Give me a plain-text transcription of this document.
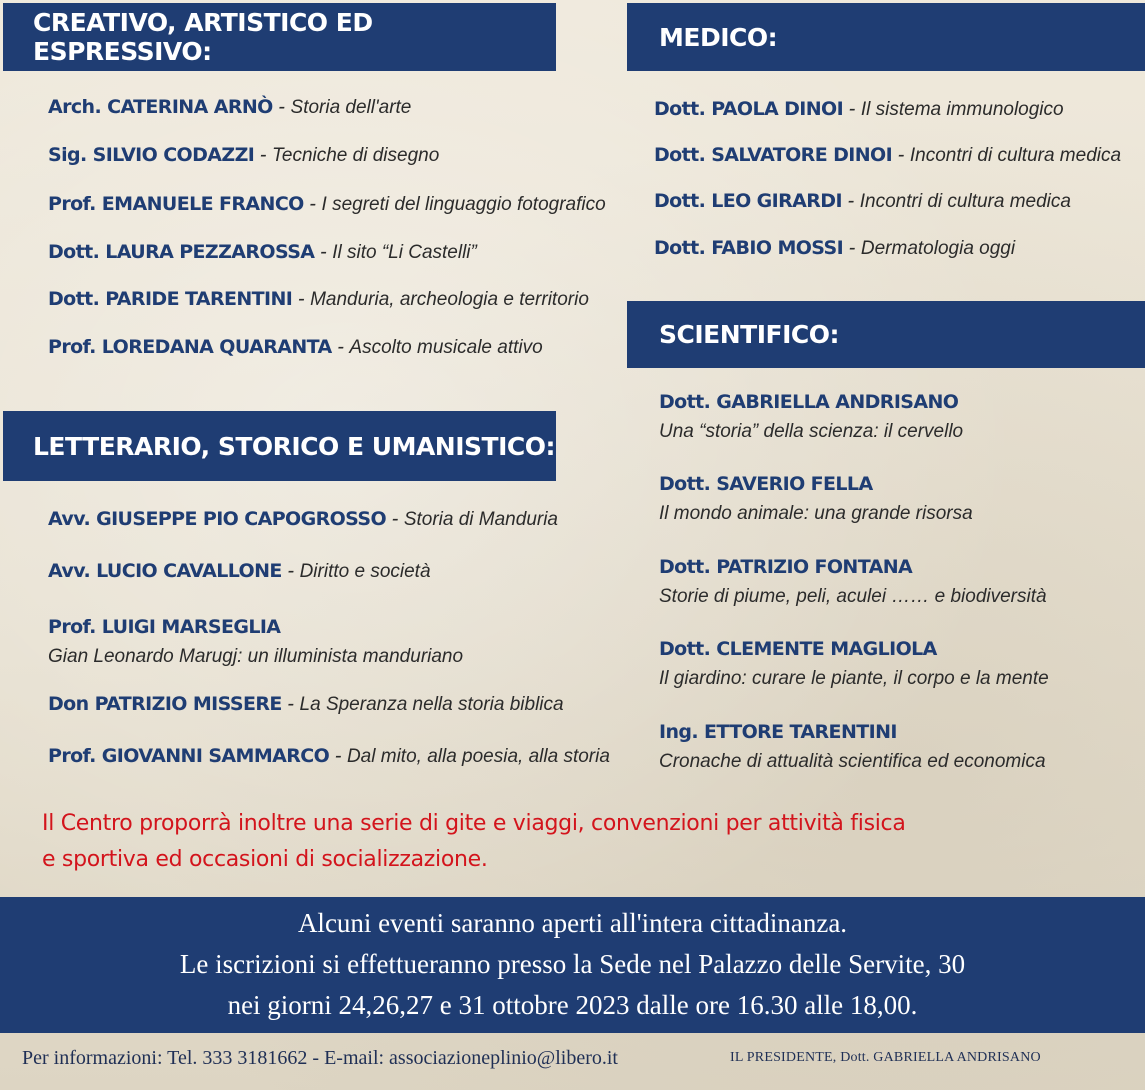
CREATIVO, ARTISTICO ED ESPRESSIVO:
LETTERARIO, STORICO E UMANISTICO:
MEDICO:
SCIENTIFICO:
Arch. CATERINA ARNÒ - Storia dell'arte
Sig. SILVIO CODAZZI - Tecniche di disegno
Prof. EMANUELE FRANCO - I segreti del linguaggio fotografico
Dott. LAURA PEZZAROSSA - Il sito “Li Castelli”
Dott. PARIDE TARENTINI - Manduria, archeologia e territorio
Prof. LOREDANA QUARANTA - Ascolto musicale attivo
Avv. GIUSEPPE PIO CAPOGROSSO - Storia di Manduria
Avv. LUCIO CAVALLONE - Diritto e società
Prof. LUIGI MARSEGLIA
Gian Leonardo Marugj: un illuminista manduriano
Don PATRIZIO MISSERE - La Speranza nella storia biblica
Prof. GIOVANNI SAMMARCO - Dal mito, alla poesia, alla storia
Dott. PAOLA DINOI - Il sistema immunologico
Dott. SALVATORE DINOI - Incontri di cultura medica
Dott. LEO GIRARDI - Incontri di cultura medica
Dott. FABIO MOSSI - Dermatologia oggi
Dott. GABRIELLA ANDRISANO
Una “storia” della scienza: il cervello
Dott. SAVERIO FELLA
Il mondo animale: una grande risorsa
Dott. PATRIZIO FONTANA
Storie di piume, peli, aculei …… e biodiversità
Dott. CLEMENTE MAGLIOLA
Il giardino: curare le piante, il corpo e la mente
Ing. ETTORE TARENTINI
Cronache di attualità scientifica ed economica
Il Centro proporrà inoltre una serie di gite e viaggi, convenzioni per attività fisica
e sportiva ed occasioni di socializzazione.
Alcuni eventi saranno aperti all'intera cittadinanza.
Le iscrizioni si effettueranno presso la Sede nel Palazzo delle Servite, 30
nei giorni 24,26,27 e 31 ottobre 2023 dalle ore 16.30 alle 18,00.
Per informazioni: Tel. 333 3181662 - E-mail: associazioneplinio@libero.it	IL PRESIDENTE, Dott. GABRIELLA ANDRISANO
